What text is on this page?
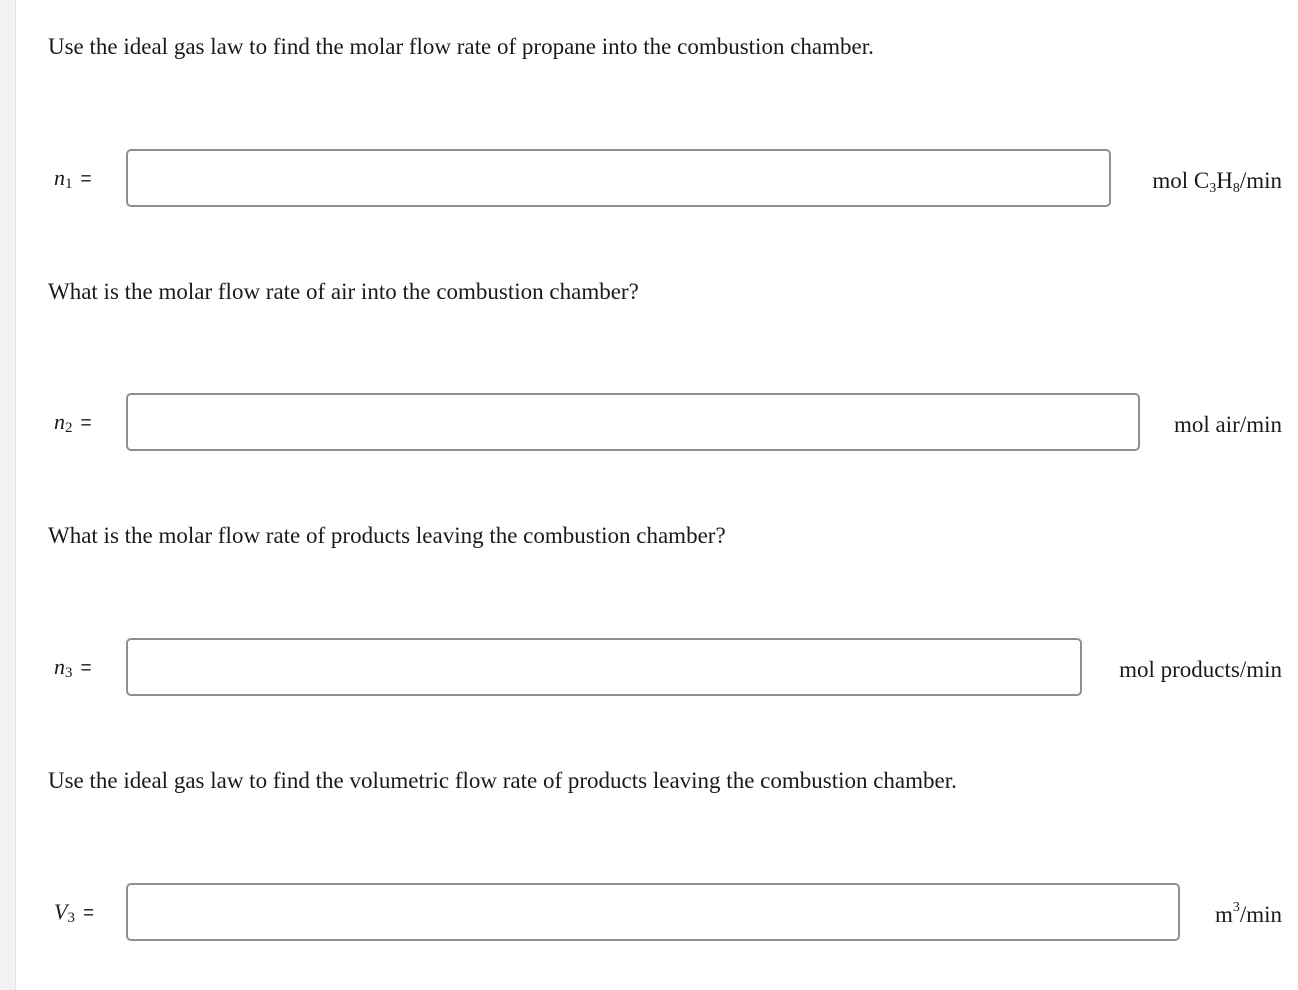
Use the ideal gas law to find the molar flow rate of propane into the combustion chamber.
$n_1$ =	mol $C_3H_8/\min$
What is the molar flow rate of air into the combustion chamber?
$n_2$ =	mol air/min
What is the molar flow rate of products leaving the combustion chamber?
$n_3$ =	mol products/min
Use the ideal gas law to find the volumetric flow rate of products leaving the combustion chamber.
$V_3$ =	$m^3/\min$
